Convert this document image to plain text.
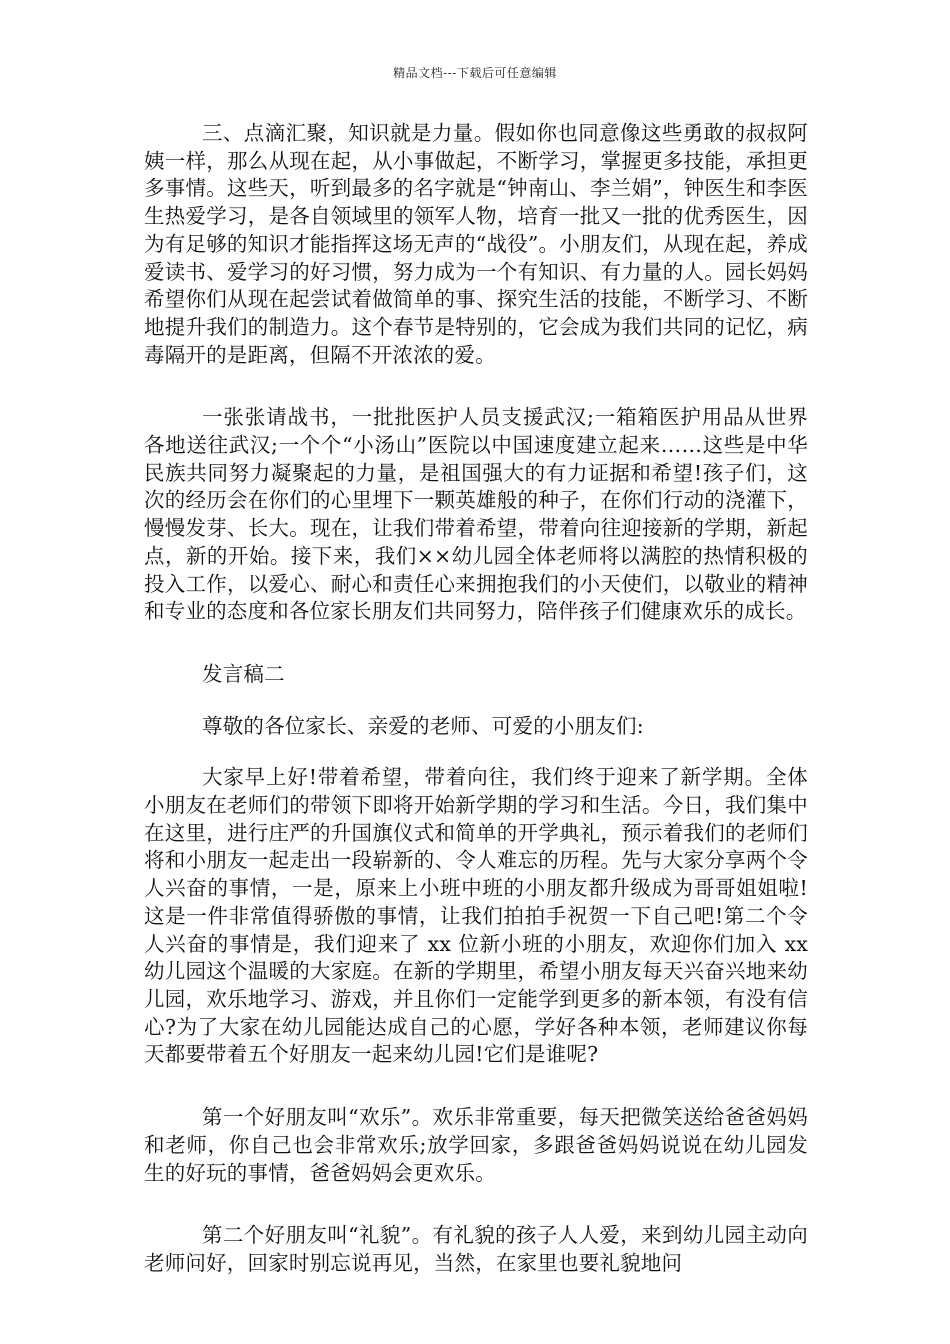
精品文档---下载后可任意编辑

三、点滴汇聚，知识就是力量。假如你也同意像这些勇敢的叔叔阿姨一样，那么从现在起，从小事做起，不断学习，掌握更多技能，承担更多事情。这些天，听到最多的名字就是“钟南山、李兰娟”，钟医生和李医生热爱学习，是各自领域里的领军人物，培育一批又一批的优秀医生，因为有足够的知识才能指挥这场无声的“战役”。小朋友们，从现在起，养成爱读书、爱学习的好习惯，努力成为一个有知识、有力量的人。园长妈妈希望你们从现在起尝试着做简单的事、探究生活的技能，不断学习、不断地提升我们的制造力。这个春节是特别的，它会成为我们共同的记忆，病毒隔开的是距离，但隔不开浓浓的爱。

一张张请战书，一批批医护人员支援武汉;一箱箱医护用品从世界各地送往武汉;一个个“小汤山”医院以中国速度建立起来……这些是中华民族共同努力凝聚起的力量，是祖国强大的有力证据和希望!孩子们，这次的经历会在你们的心里埋下一颗英雄般的种子，在你们行动的浇灌下，慢慢发芽、长大。现在，让我们带着希望，带着向往迎接新的学期，新起点，新的开始。接下来，我们××幼儿园全体老师将以满腔的热情积极的投入工作，以爱心、耐心和责任心来拥抱我们的小天使们，以敬业的精神和专业的态度和各位家长朋友们共同努力，陪伴孩子们健康欢乐的成长。

发言稿二

尊敬的各位家长、亲爱的老师、可爱的小朋友们:

大家早上好!带着希望，带着向往，我们终于迎来了新学期。全体小朋友在老师们的带领下即将开始新学期的学习和生活。今日，我们集中在这里，进行庄严的升国旗仪式和简单的开学典礼，预示着我们的老师们将和小朋友一起走出一段崭新的、令人难忘的历程。先与大家分享两个令人兴奋的事情，一是，原来上小班中班的小朋友都升级成为哥哥姐姐啦!这是一件非常值得骄傲的事情，让我们拍拍手祝贺一下自己吧!第二个令人兴奋的事情是，我们迎来了 xx 位新小班的小朋友，欢迎你们加入 xx 幼儿园这个温暖的大家庭。在新的学期里，希望小朋友每天兴奋兴地来幼儿园，欢乐地学习、游戏，并且你们一定能学到更多的新本领，有没有信心?为了大家在幼儿园能达成自己的心愿，学好各种本领，老师建议你每天都要带着五个好朋友一起来幼儿园!它们是谁呢?

第一个好朋友叫“欢乐”。欢乐非常重要，每天把微笑送给爸爸妈妈和老师，你自己也会非常欢乐;放学回家，多跟爸爸妈妈说说在幼儿园发生的好玩的事情，爸爸妈妈会更欢乐。

第二个好朋友叫“礼貌”。有礼貌的孩子人人爱，来到幼儿园主动向老师问好，回家时别忘说再见，当然，在家里也要礼貌地问
